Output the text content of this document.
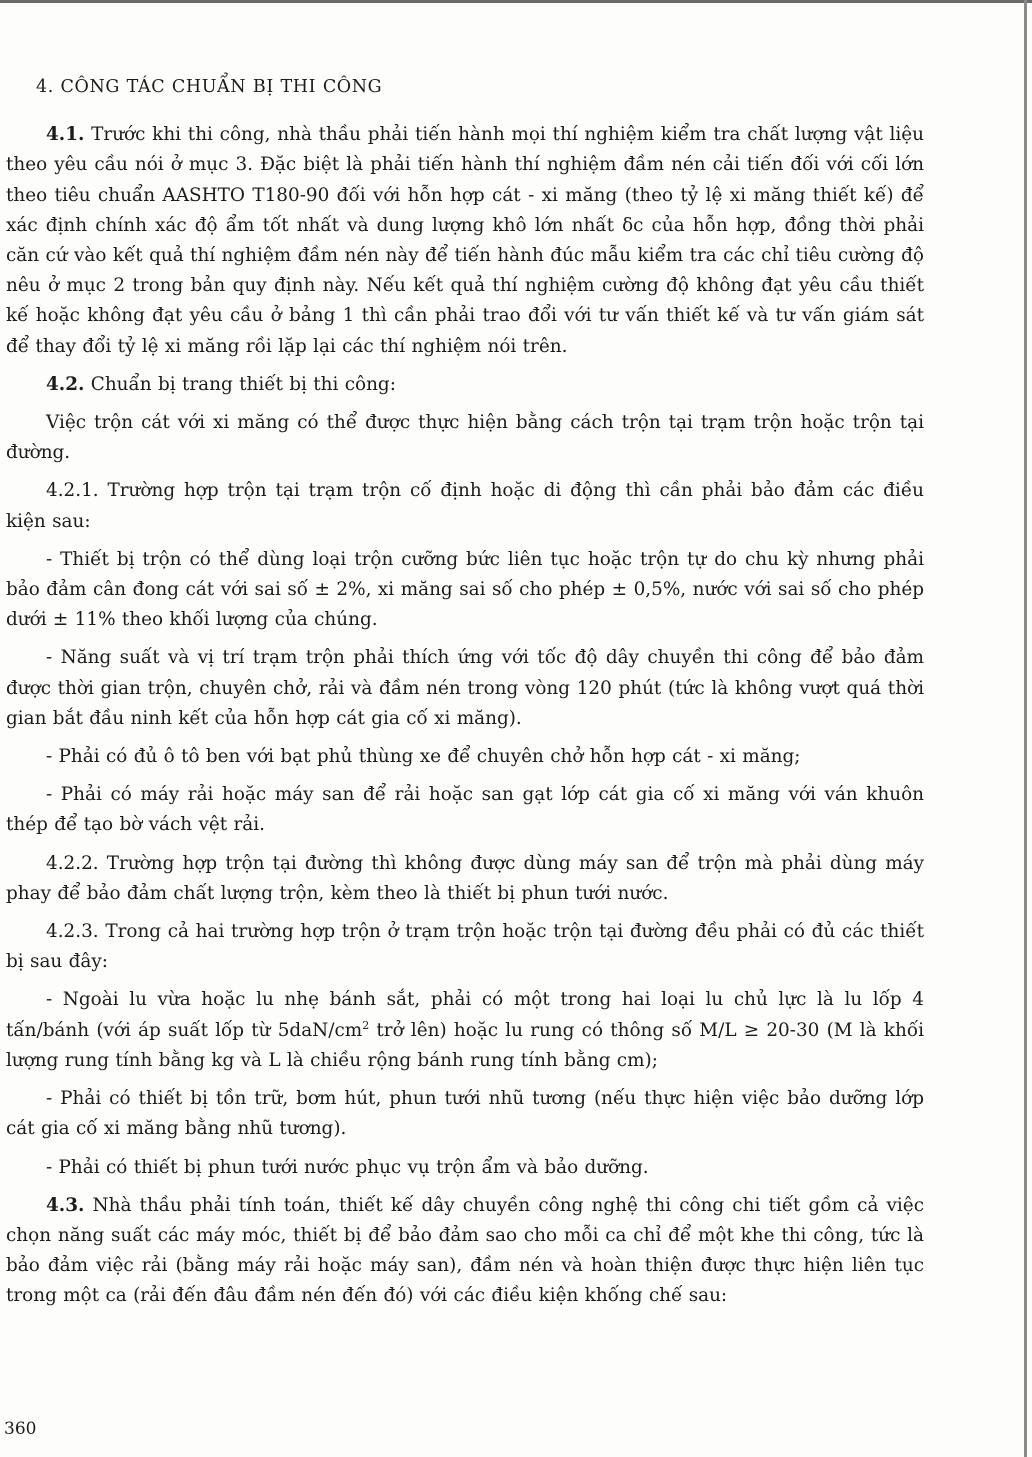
4. CÔNG TÁC CHUẨN BỊ THI CÔNG

4.1. Trước khi thi công, nhà thầu phải tiến hành mọi thí nghiệm kiểm tra chất lượng vật liệu theo yêu cầu nói ở mục 3. Đặc biệt là phải tiến hành thí nghiệm đầm nén cải tiến đối với cối lớn theo tiêu chuẩn AASHTO T180-90 đối với hỗn hợp cát - xi măng (theo tỷ lệ xi măng thiết kế) để xác định chính xác độ ẩm tốt nhất và dung lượng khô lớn nhất δc của hỗn hợp, đồng thời phải căn cứ vào kết quả thí nghiệm đầm nén này để tiến hành đúc mẫu kiểm tra các chỉ tiêu cường độ nêu ở mục 2 trong bản quy định này. Nếu kết quả thí nghiệm cường độ không đạt yêu cầu thiết kế hoặc không đạt yêu cầu ở bảng 1 thì cần phải trao đổi với tư vấn thiết kế và tư vấn giám sát để thay đổi tỷ lệ xi măng rồi lặp lại các thí nghiệm nói trên.

4.2. Chuẩn bị trang thiết bị thi công:

Việc trộn cát với xi măng có thể được thực hiện bằng cách trộn tại trạm trộn hoặc trộn tại đường.

4.2.1. Trường hợp trộn tại trạm trộn cố định hoặc di động thì cần phải bảo đảm các điều kiện sau:

- Thiết bị trộn có thể dùng loại trộn cưỡng bức liên tục hoặc trộn tự do chu kỳ nhưng phải bảo đảm cân đong cát với sai số ± 2%, xi măng sai số cho phép ± 0,5%, nước với sai số cho phép dưới ± 11% theo khối lượng của chúng.

- Năng suất và vị trí trạm trộn phải thích ứng với tốc độ dây chuyền thi công để bảo đảm được thời gian trộn, chuyên chở, rải và đầm nén trong vòng 120 phút (tức là không vượt quá thời gian bắt đầu ninh kết của hỗn hợp cát gia cố xi măng).

- Phải có đủ ô tô ben với bạt phủ thùng xe để chuyên chở hỗn hợp cát - xi măng;

- Phải có máy rải hoặc máy san để rải hoặc san gạt lớp cát gia cố xi măng với ván khuôn thép để tạo bờ vách vệt rải.

4.2.2. Trường hợp trộn tại đường thì không được dùng máy san để trộn mà phải dùng máy phay để bảo đảm chất lượng trộn, kèm theo là thiết bị phun tưới nước.

4.2.3. Trong cả hai trường hợp trộn ở trạm trộn hoặc trộn tại đường đều phải có đủ các thiết bị sau đây:

- Ngoài lu vừa hoặc lu nhẹ bánh sắt, phải có một trong hai loại lu chủ lực là lu lốp 4 tấn/bánh (với áp suất lốp từ $5daN/cm^2$ trở lên) hoặc lu rung có thông số M/L ≥ 20-30 (M là khối lượng rung tính bằng kg và L là chiều rộng bánh rung tính bằng cm);

- Phải có thiết bị tồn trữ, bơm hút, phun tưới nhũ tương (nếu thực hiện việc bảo dưỡng lớp cát gia cố xi măng bằng nhũ tương).

- Phải có thiết bị phun tưới nước phục vụ trộn ẩm và bảo dưỡng.

4.3. Nhà thầu phải tính toán, thiết kế dây chuyền công nghệ thi công chi tiết gồm cả việc chọn năng suất các máy móc, thiết bị để bảo đảm sao cho mỗi ca chỉ để một khe thi công, tức là bảo đảm việc rải (bằng máy rải hoặc máy san), đầm nén và hoàn thiện được thực hiện liên tục trong một ca (rải đến đâu đầm nén đến đó) với các điều kiện khống chế sau:

360
